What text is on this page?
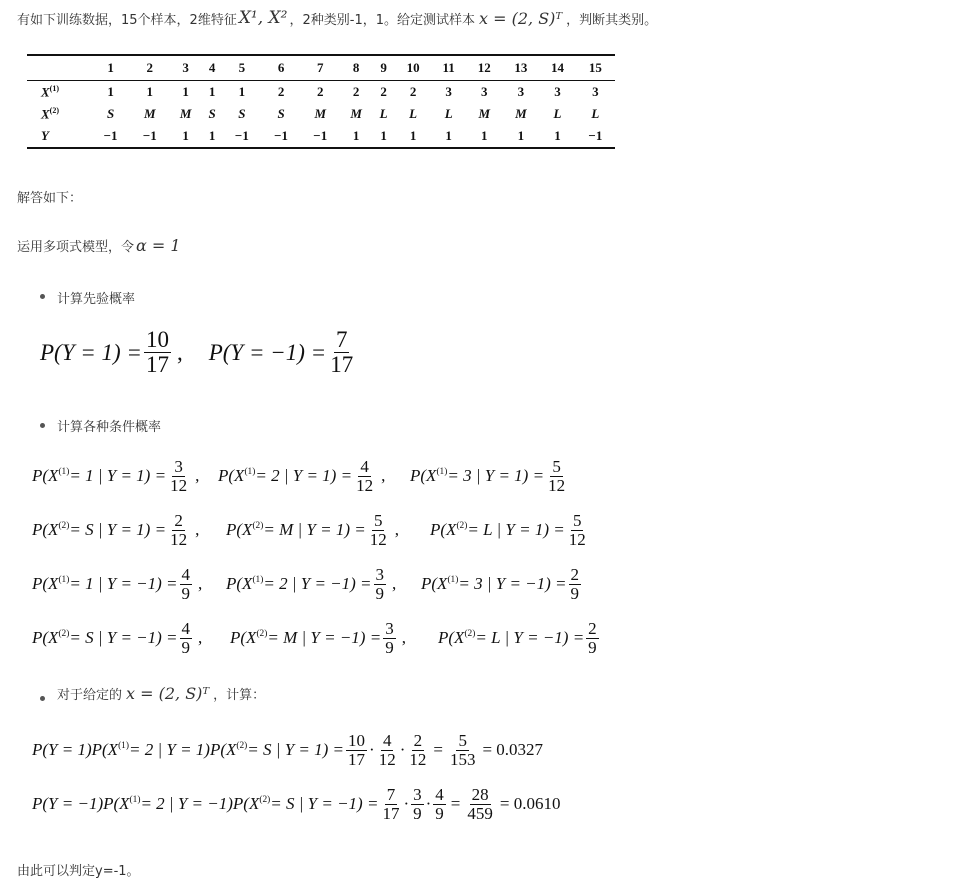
有如下训练数据，15个样本，2维特征 X¹, X² ，2种类别-1，1。给定测试样本 x = (2, S)ᵀ ，判断其类别。
	1	2	3	4	5	6	7	8	9	10	11	12	13	14	15
$X^{(1)}$	1	1	1	1	1	2	2	2	2	2	3	3	3	3	3
$X^{(2)}$	S	M	M	S	S	S	M	M	L	L	L	M	M	L	L
Y	−1	−1	1	1	−1	−1	−1	1	1	1	1	1	1	1	−1
解答如下：
运用多项式模型，令 α = 1
计算先验概率
$P(Y = 1) = \frac{10}{17}$ , $P(Y = -1) = \frac{7}{17}$
计算各种条件概率
$P(X^{(1)} = 1$ | $Y = 1) = \frac{3}{12}$ , $P(X^{(1)} = 2$ | $Y = 1) = \frac{4}{12}$ , $P(X^{(1)} = 3$ | $Y = 1) = \frac{5}{12}$
$P(X^{(2)} = S$ | $Y = 1) = \frac{2}{12}$ , $P(X^{(2)} = M$ | $Y = 1) = \frac{5}{12}$ , $P(X^{(2)} = L$ | $Y = 1) = \frac{5}{12}$
$P(X^{(1)} = 1$ | $Y = -1) = \frac{4}{9}$ , $P(X^{(1)} = 2$ | $Y = -1) = \frac{3}{9}$ , $P(X^{(1)} = 3$ | $Y = -1) = \frac{2}{9}$
$P(X^{(2)} = S$ | $Y = -1) = \frac{4}{9}$ , $P(X^{(2)} = M$ | $Y = -1) = \frac{3}{9}$ , $P(X^{(2)} = L$ | $Y = -1) = \frac{2}{9}$
对于给定的 x = (2, S)ᵀ ，计算：
$P(Y = 1)P(X^{(1)} = 2$ | $Y = 1)P(X^{(2)} = S$ | $Y = 1) = \frac{10}{17} \cdot \frac{4}{12} \cdot \frac{2}{12} = \frac{5}{153} = 0.0327$
$P(Y = -1)P(X^{(1)} = 2$ | $Y = -1)P(X^{(2)} = S$ | $Y = -1) = \frac{7}{17} \cdot \frac{3}{9} \cdot \frac{4}{9} = \frac{28}{459} = 0.0610$
由此可以判定y=-1。
